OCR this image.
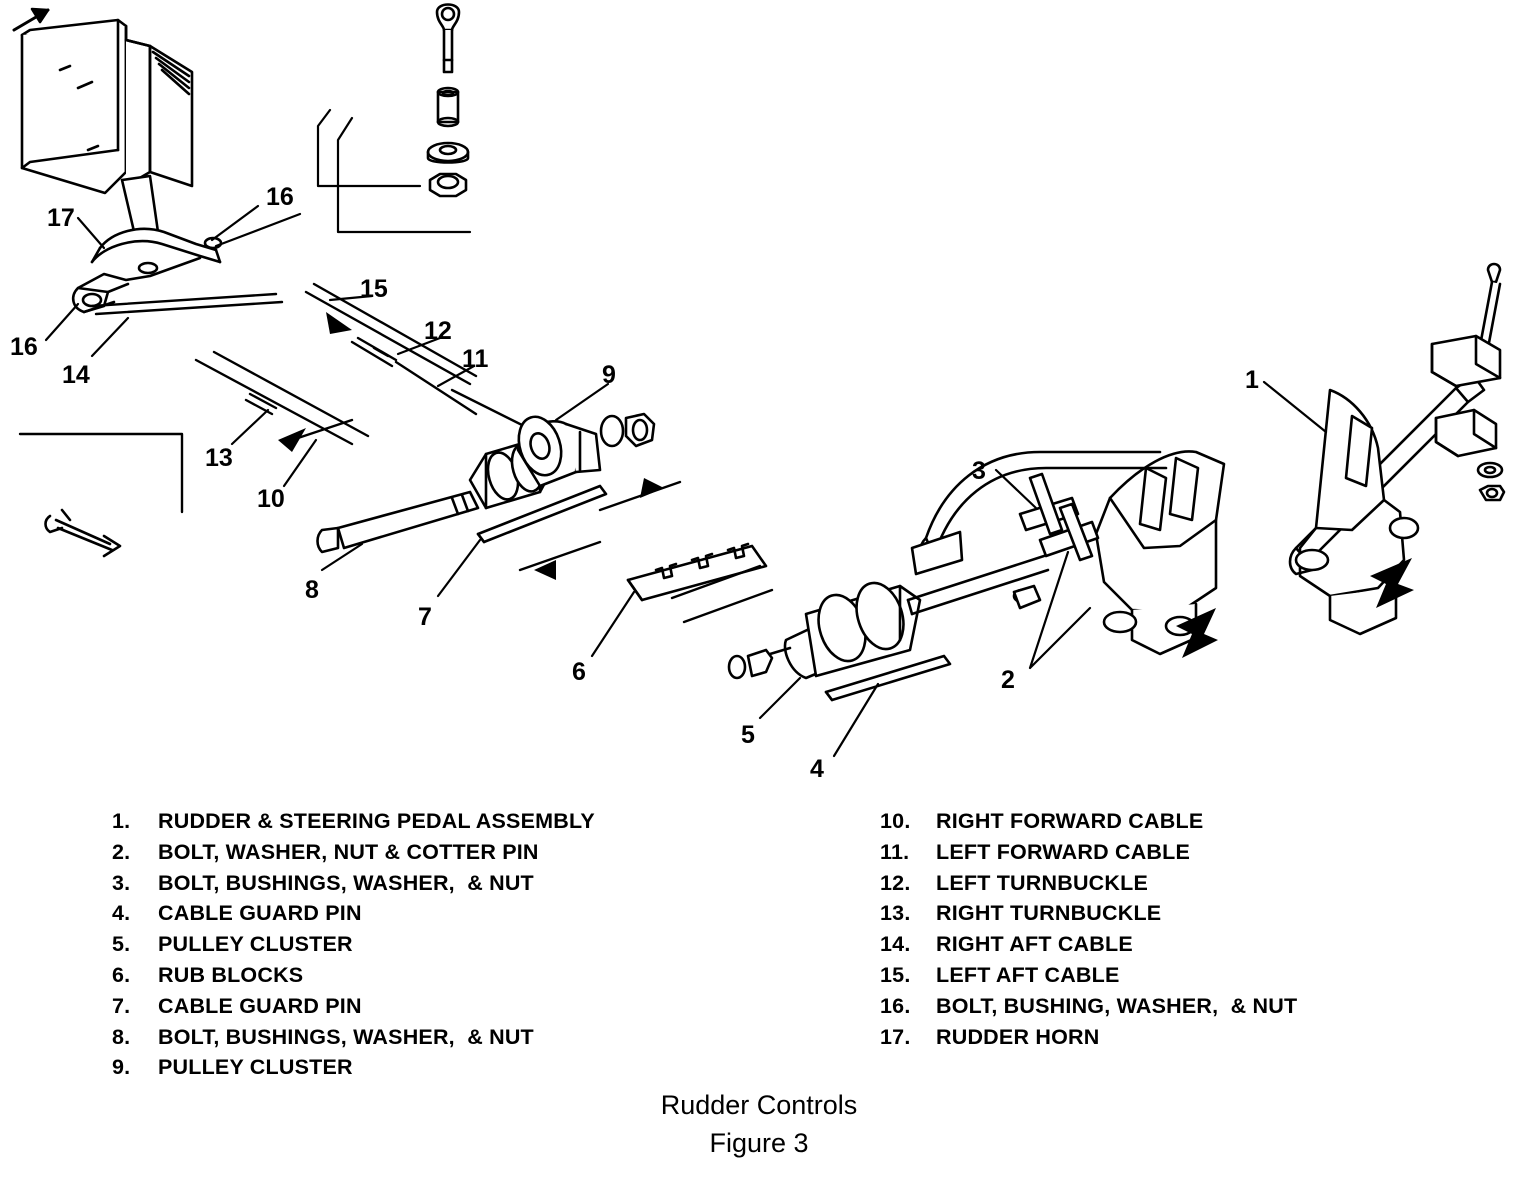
17
16
16
14
15
12
11
13
10
9
8
7
6
5
4
3
2
1
1.	RUDDER & STEERING PEDAL ASSEMBLY
2.	BOLT, WASHER, NUT & COTTER PIN
3.	BOLT, BUSHINGS, WASHER,  & NUT
4.	CABLE GUARD PIN
5.	PULLEY CLUSTER
6.	RUB BLOCKS
7.	CABLE GUARD PIN
8.	BOLT, BUSHINGS, WASHER,  & NUT
9.	PULLEY CLUSTER
10.	RIGHT FORWARD CABLE
11.	LEFT FORWARD CABLE
12.	LEFT TURNBUCKLE
13.	RIGHT TURNBUCKLE
14.	RIGHT AFT CABLE
15.	LEFT AFT CABLE
16.	BOLT, BUSHING, WASHER,  & NUT
17.	RUDDER HORN
Rudder Controls
Figure 3
